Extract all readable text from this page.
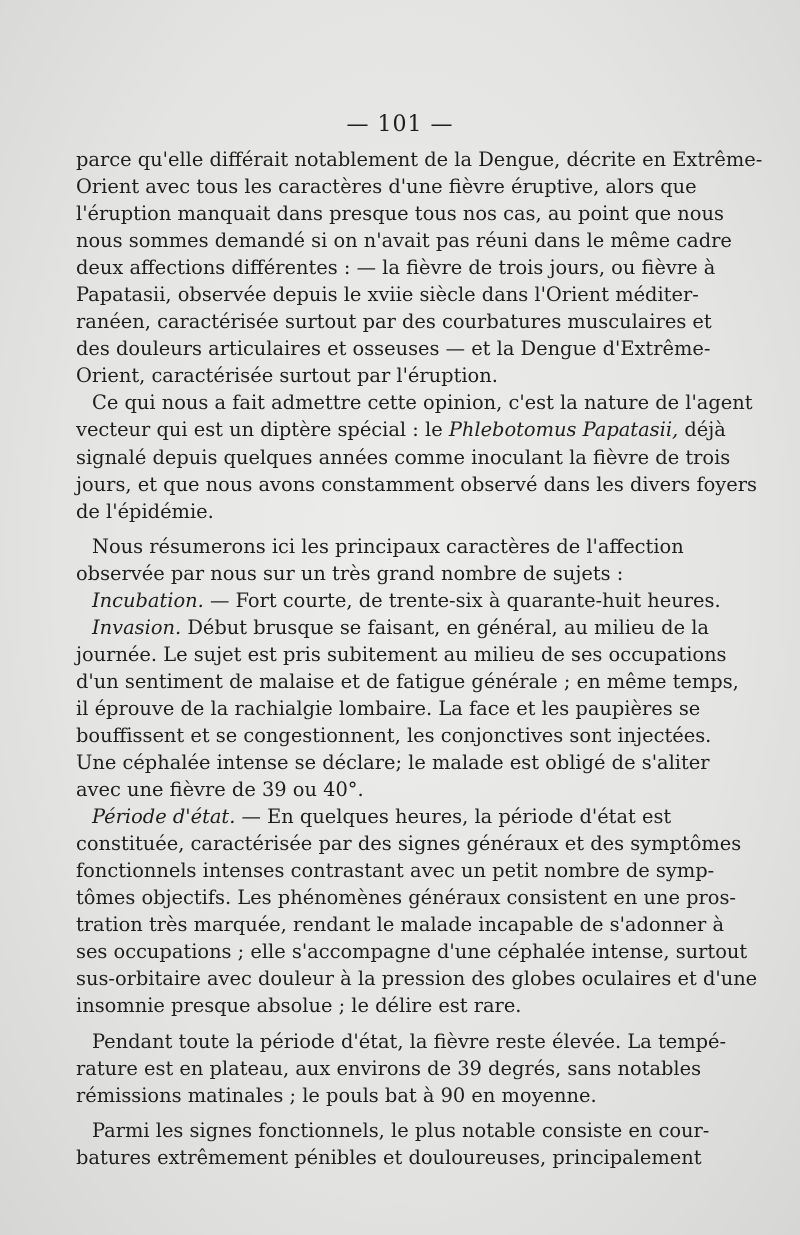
— 101 —
parce qu'elle différait notablement de la Dengue, décrite en Extrême-
Orient avec tous les caractères d'une fièvre éruptive, alors que
l'éruption manquait dans presque tous nos cas, au point que nous
nous sommes demandé si on n'avait pas réuni dans le même cadre
deux affections différentes : — la fièvre de trois jours, ou fièvre à
Papatasii, observée depuis le xviie siècle dans l'Orient méditer-
ranéen, caractérisée surtout par des courbatures musculaires et
des douleurs articulaires et osseuses — et la Dengue d'Extrême-
Orient, caractérisée surtout par l'éruption.
Ce qui nous a fait admettre cette opinion, c'est la nature de l'agent
vecteur qui est un diptère spécial : le Phlebotomus Papatasii, déjà
signalé depuis quelques années comme inoculant la fièvre de trois
jours, et que nous avons constamment observé dans les divers foyers
de l'épidémie.
Nous résumerons ici les principaux caractères de l'affection
observée par nous sur un très grand nombre de sujets :
Incubation. — Fort courte, de trente-six à quarante-huit heures.
Invasion. Début brusque se faisant, en général, au milieu de la
journée. Le sujet est pris subitement au milieu de ses occupations
d'un sentiment de malaise et de fatigue générale ; en même temps,
il éprouve de la rachialgie lombaire. La face et les paupières se
bouffissent et se congestionnent, les conjonctives sont injectées.
Une céphalée intense se déclare; le malade est obligé de s'aliter
avec une fièvre de 39 ou 40°.
Période d'état. — En quelques heures, la période d'état est
constituée, caractérisée par des signes généraux et des symptômes
fonctionnels intenses contrastant avec un petit nombre de symp-
tômes objectifs. Les phénomènes généraux consistent en une pros-
tration très marquée, rendant le malade incapable de s'adonner à
ses occupations ; elle s'accompagne d'une céphalée intense, surtout
sus-orbitaire avec douleur à la pression des globes oculaires et d'une
insomnie presque absolue ; le délire est rare.
Pendant toute la période d'état, la fièvre reste élevée. La tempé-
rature est en plateau, aux environs de 39 degrés, sans notables
rémissions matinales ; le pouls bat à 90 en moyenne.
Parmi les signes fonctionnels, le plus notable consiste en cour-
batures extrêmement pénibles et douloureuses, principalement
